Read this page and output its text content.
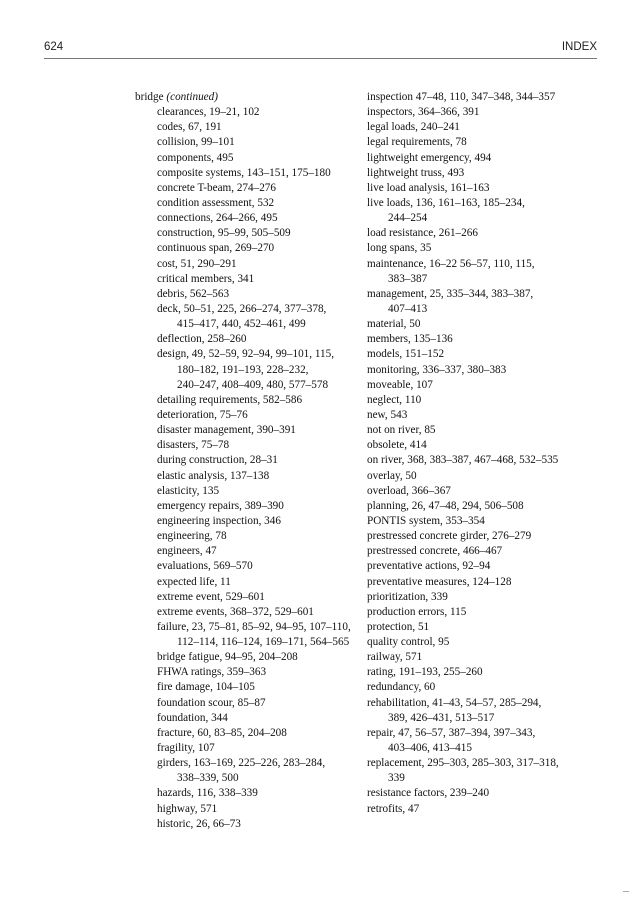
624	INDEX
bridge (continued)
clearances, 19–21, 102
codes, 67, 191
collision, 99–101
components, 495
composite systems, 143–151, 175–180
concrete T-beam, 274–276
condition assessment, 532
connections, 264–266, 495
construction, 95–99, 505–509
continuous span, 269–270
cost, 51, 290–291
critical members, 341
debris, 562–563
deck, 50–51, 225, 266–274, 377–378,
415–417, 440, 452–461, 499
deflection, 258–260
design, 49, 52–59, 92–94, 99–101, 115,
180–182, 191–193, 228–232,
240–247, 408–409, 480, 577–578
detailing requirements, 582–586
deterioration, 75–76
disaster management, 390–391
disasters, 75–78
during construction, 28–31
elastic analysis, 137–138
elasticity, 135
emergency repairs, 389–390
engineering inspection, 346
engineering, 78
engineers, 47
evaluations, 569–570
expected life, 11
extreme event, 529–601
extreme events, 368–372, 529–601
failure, 23, 75–81, 85–92, 94–95, 107–110,
112–114, 116–124, 169–171, 564–565
bridge fatigue, 94–95, 204–208
FHWA ratings, 359–363
fire damage, 104–105
foundation scour, 85–87
foundation, 344
fracture, 60, 83–85, 204–208
fragility, 107
girders, 163–169, 225–226, 283–284,
338–339, 500
hazards, 116, 338–339
highway, 571
historic, 26, 66–73
inspection 47–48, 110, 347–348, 344–357
inspectors, 364–366, 391
legal loads, 240–241
legal requirements, 78
lightweight emergency, 494
lightweight truss, 493
live load analysis, 161–163
live loads, 136, 161–163, 185–234,
244–254
load resistance, 261–266
long spans, 35
maintenance, 16–22 56–57, 110, 115,
383–387
management, 25, 335–344, 383–387,
407–413
material, 50
members, 135–136
models, 151–152
monitoring, 336–337, 380–383
moveable, 107
neglect, 110
new, 543
not on river, 85
obsolete, 414
on river, 368, 383–387, 467–468, 532–535
overlay, 50
overload, 366–367
planning, 26, 47–48, 294, 506–508
PONTIS system, 353–354
prestressed concrete girder, 276–279
prestressed concrete, 466–467
preventative actions, 92–94
preventative measures, 124–128
prioritization, 339
production errors, 115
protection, 51
quality control, 95
railway, 571
rating, 191–193, 255–260
redundancy, 60
rehabilitation, 41–43, 54–57, 285–294,
389, 426–431, 513–517
repair, 47, 56–57, 387–394, 397–343,
403–406, 413–415
replacement, 295–303, 285–303, 317–318,
339
resistance factors, 239–240
retrofits, 47
